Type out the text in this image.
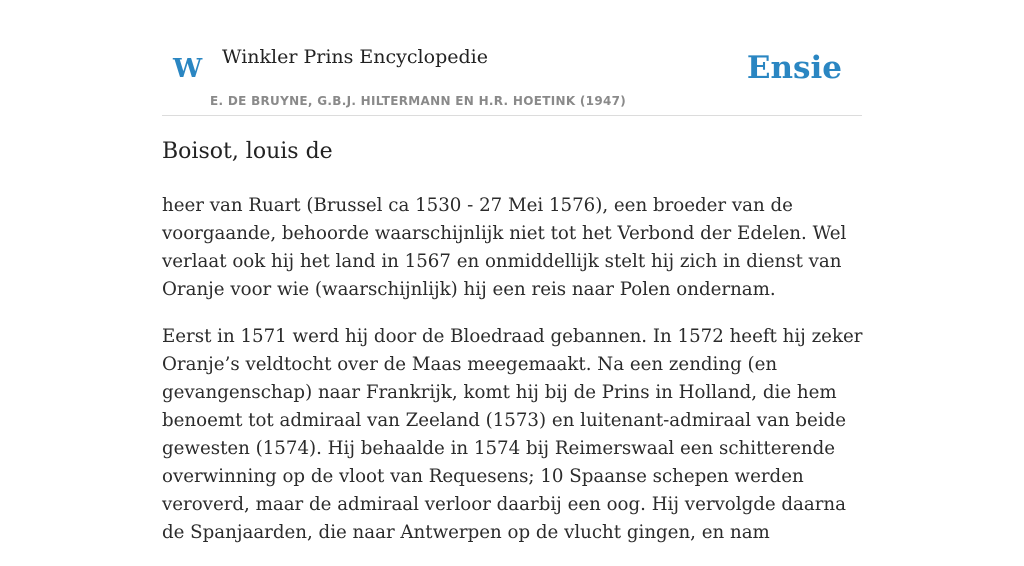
W Winkler Prins Encyclopedie
E. DE BRUYNE, G.B.J. HILTERMANN EN H.R. HOETINK (1947)
Ensie
Boisot, louis de

heer van Ruart (Brussel ca 1530 - 27 Mei 1576), een broeder van de voorgaande, behoorde waarschijnlijk niet tot het Verbond der Edelen. Wel verlaat ook hij het land in 1567 en onmiddellijk stelt hij zich in dienst van Oranje voor wie (waarschijnlijk) hij een reis naar Polen ondernam.

Eerst in 1571 werd hij door de Bloedraad gebannen. In 1572 heeft hij zeker Oranje’s veldtocht over de Maas meegemaakt. Na een zending (en gevangenschap) naar Frankrijk, komt hij bij de Prins in Holland, die hem benoemt tot admiraal van Zeeland (1573) en luitenant-admiraal van beide gewesten (1574). Hij behaalde in 1574 bij Reimerswaal een schitterende overwinning op de vloot van Requesens; 10 Spaanse schepen werden veroverd, maar de admiraal verloor daarbij een oog. Hij vervolgde daarna de Spanjaarden, die naar Antwerpen op de vlucht gingen, en nam
